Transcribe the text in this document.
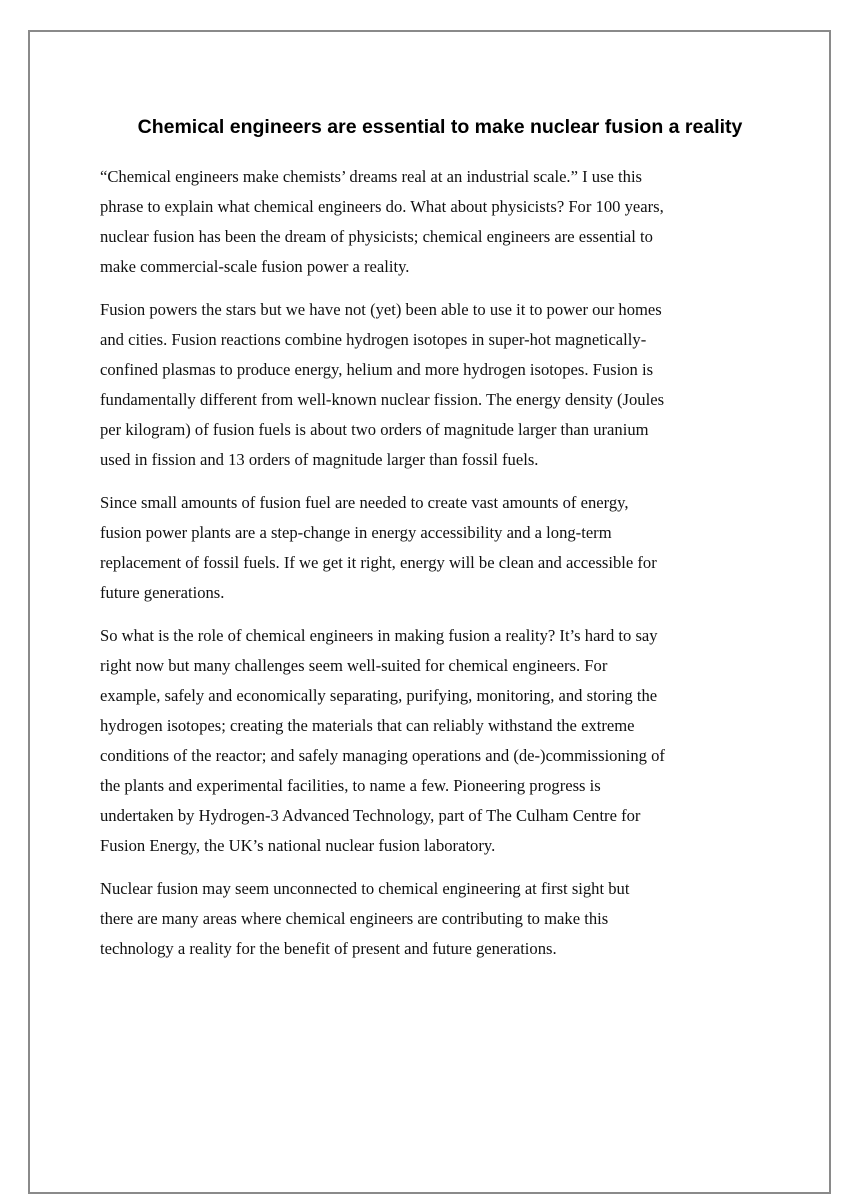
Chemical engineers are essential to make nuclear fusion a reality

“Chemical engineers make chemists’ dreams real at an industrial scale.” I use this
phrase to explain what chemical engineers do. What about physicists? For 100 years,
nuclear fusion has been the dream of physicists; chemical engineers are essential to
make commercial-scale fusion power a reality.

Fusion powers the stars but we have not (yet) been able to use it to power our homes
and cities. Fusion reactions combine hydrogen isotopes in super-hot magnetically-
confined plasmas to produce energy, helium and more hydrogen isotopes. Fusion is
fundamentally different from well-known nuclear fission. The energy density (Joules
per kilogram) of fusion fuels is about two orders of magnitude larger than uranium
used in fission and 13 orders of magnitude larger than fossil fuels.

Since small amounts of fusion fuel are needed to create vast amounts of energy,
fusion power plants are a step-change in energy accessibility and a long-term
replacement of fossil fuels. If we get it right, energy will be clean and accessible for
future generations.

So what is the role of chemical engineers in making fusion a reality? It’s hard to say
right now but many challenges seem well-suited for chemical engineers. For
example, safely and economically separating, purifying, monitoring, and storing the
hydrogen isotopes; creating the materials that can reliably withstand the extreme
conditions of the reactor; and safely managing operations and (de-)commissioning of
the plants and experimental facilities, to name a few. Pioneering progress is
undertaken by Hydrogen-3 Advanced Technology, part of The Culham Centre for
Fusion Energy, the UK’s national nuclear fusion laboratory.

Nuclear fusion may seem unconnected to chemical engineering at first sight but
there are many areas where chemical engineers are contributing to make this
technology a reality for the benefit of present and future generations.
